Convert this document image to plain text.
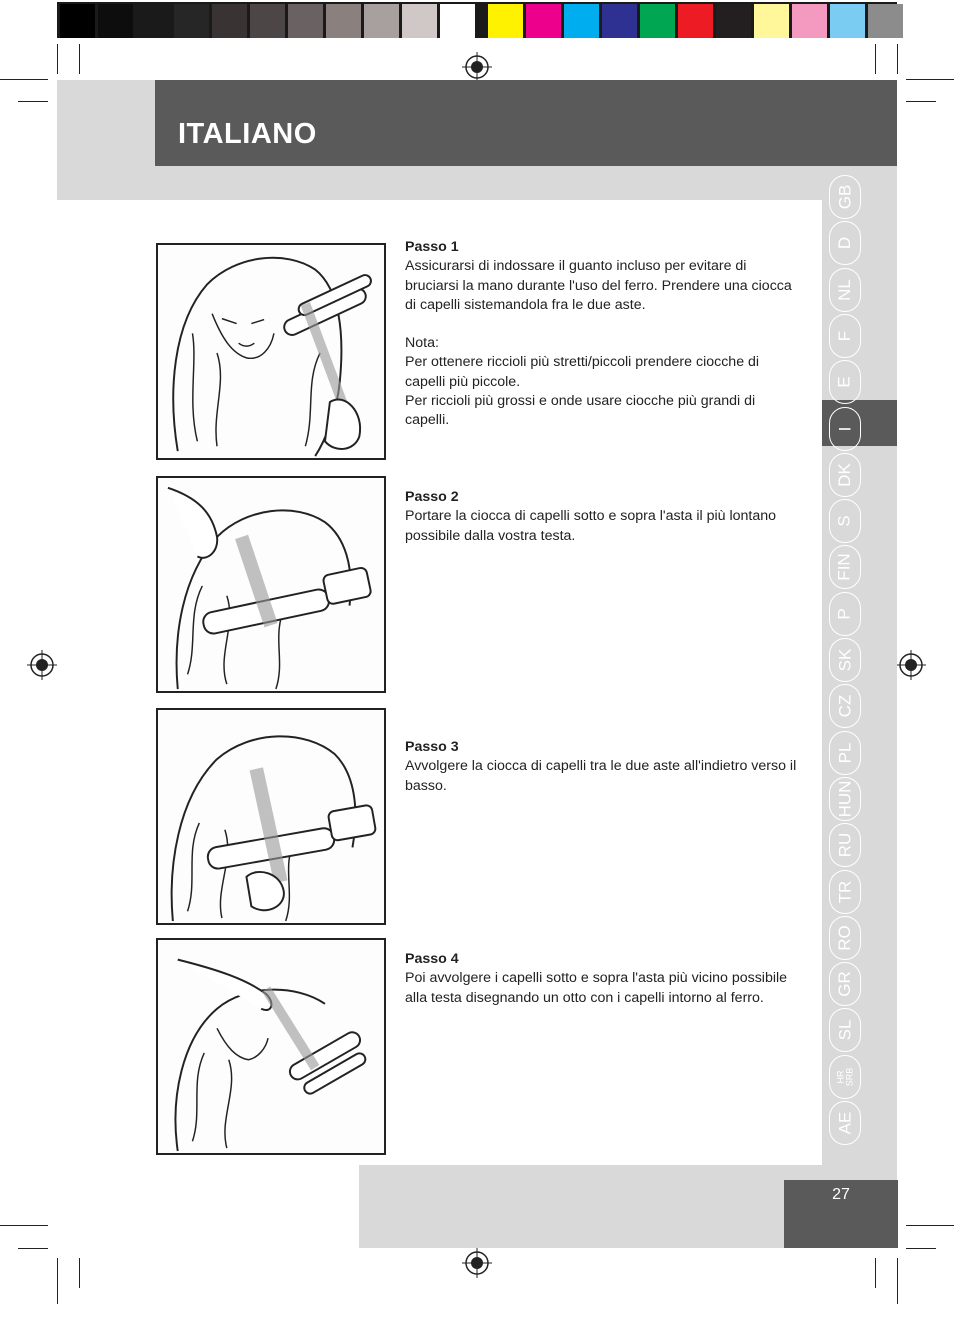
ITALIANO
GB
D
NL
F
E
I
DK
S
FIN
P
SK
CZ
PL
HUN
RU
TR
RO
GR
SL
HR
SRB
AE
Passo 1
Assicurarsi di indossare il guanto incluso per evitare di bruciarsi la mano durante l'uso del ferro. Prendere una ciocca di capelli sistemandola fra le due aste.
Nota:
Per ottenere riccioli più stretti/piccoli prendere ciocche di capelli più piccole.
Per riccioli più grossi e onde usare ciocche più grandi di capelli.
Passo 2
Portare la ciocca di capelli sotto e sopra l'asta il più lontano possibile dalla vostra testa.
Passo 3
Avvolgere la ciocca di capelli tra le due aste all'indietro verso il basso.
Passo 4
Poi avvolgere i capelli sotto e sopra l'asta più vicino possibile alla testa disegnando un otto con i capelli intorno al ferro.
27
